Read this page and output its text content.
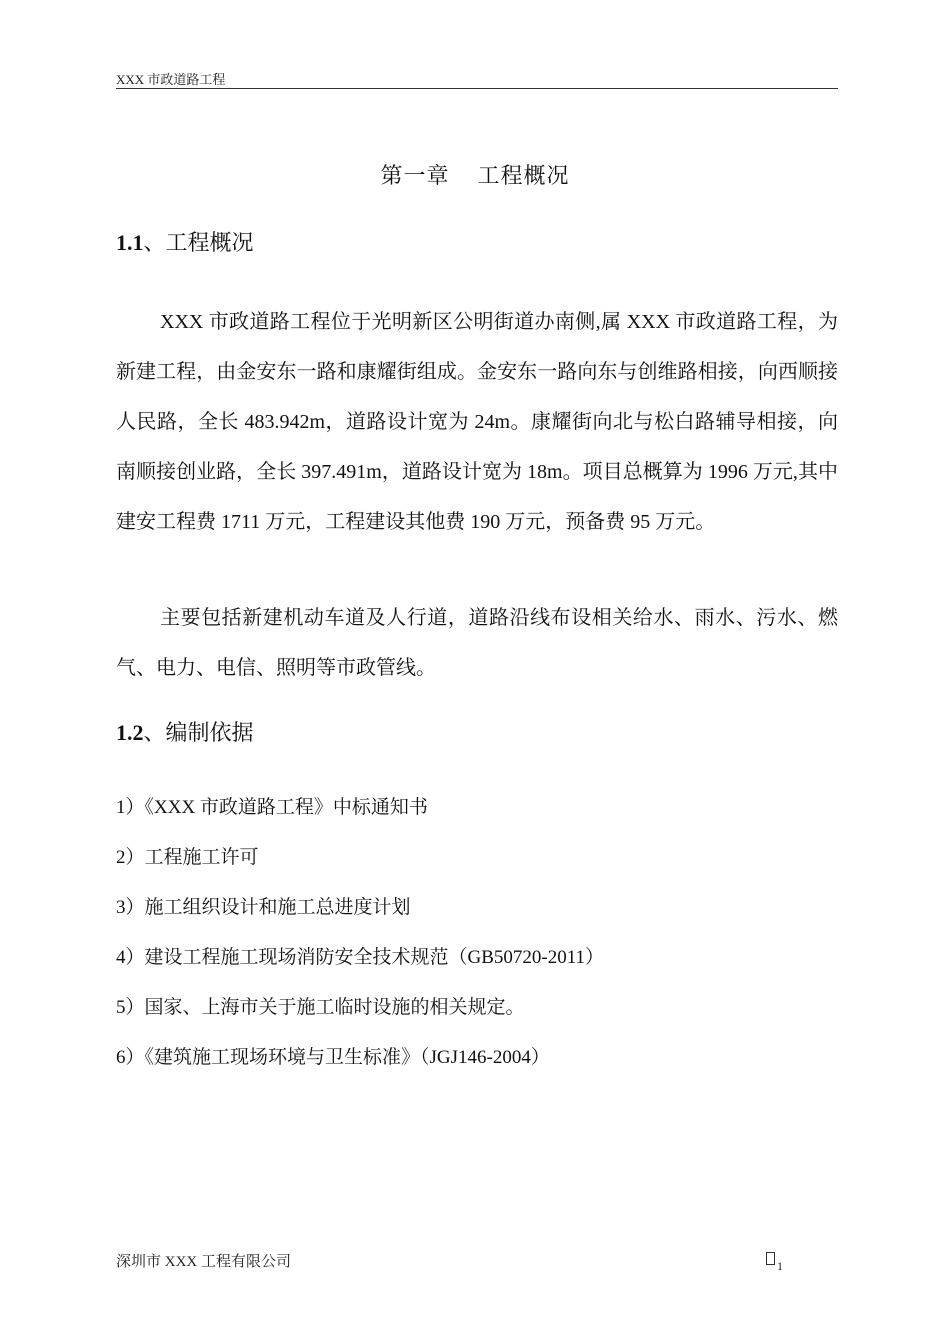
XXX 市政道路工程
第一章 工程概况
1.1、工程概况

XXX 市政道路工程位于光明新区公明街道办南侧,属 XXX 市政道路工程，为新建工程，由金安东一路和康耀街组成。金安东一路向东与创维路相接，向西顺接人民路，全长 483.942m，道路设计宽为 24m。康耀街向北与松白路辅导相接，向南顺接创业路，全长 397.491m，道路设计宽为 18m。项目总概算为 1996 万元,其中建安工程费 1711 万元，工程建设其他费 190 万元，预备费 95 万元。

主要包括新建机动车道及人行道，道路沿线布设相关给水、雨水、污水、燃气、电力、电信、照明等市政管线。

1.2、编制依据
1）《XXX 市政道路工程》中标通知书
2）工程施工许可
3）施工组织设计和施工总进度计划
4）建设工程施工现场消防安全技术规范（GB50720-2011）
5）国家、上海市关于施工临时设施的相关规定。
6）《建筑施工现场环境与卫生标准》（JGJ146-2004）
深圳市 XXX 工程有限公司	$_1$
